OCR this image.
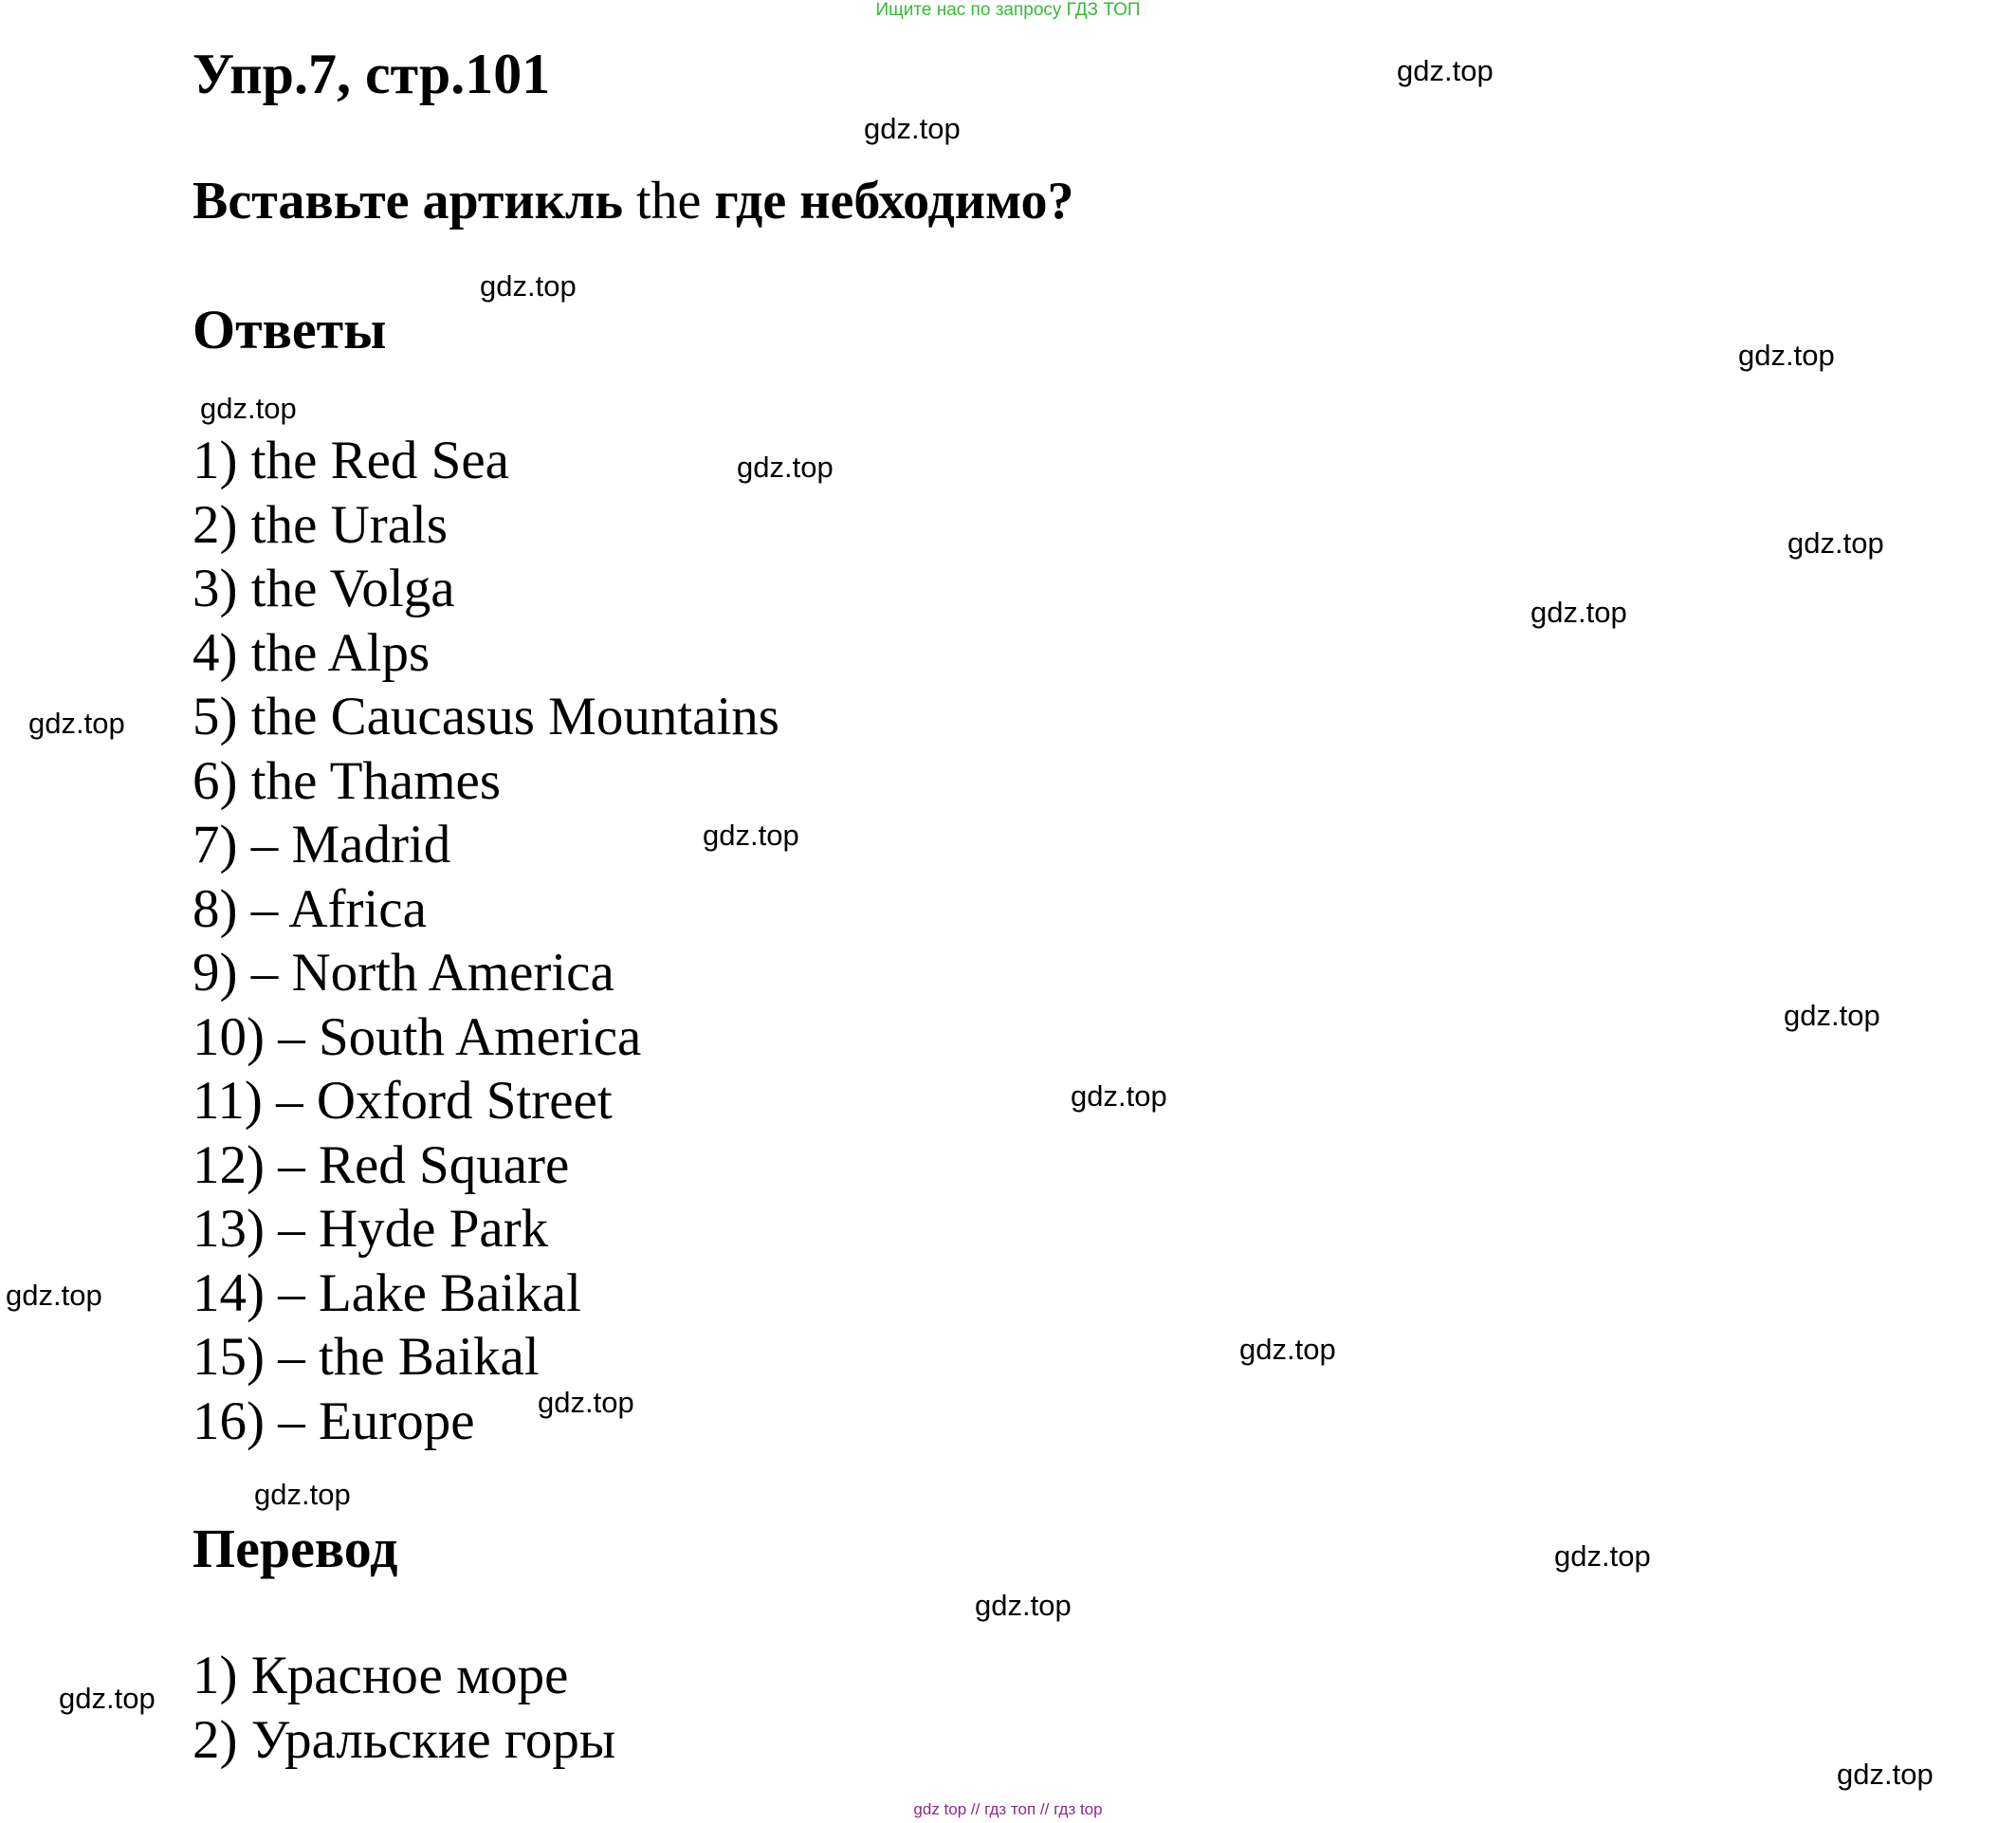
Ищите нас по запросу ГДЗ ТОП
Упр.7, стр.101
Вставьте артикль the где небходимо?
Ответы
1) the Red Sea
2) the Urals
3) the Volga
4) the Alps
5) the Caucasus Mountains
6) the Thames
7) – Madrid
8) – Africa
9) – North America
10) – South America
11) – Oxford Street
12) – Red Square
13) – Hyde Park
14) – Lake Baikal
15) – the Baikal
16) – Europe
Перевод
1) Красное море
2) Уральские горы
gdz.top
gdz.top
gdz.top
gdz.top
gdz.top
gdz.top
gdz.top
gdz.top
gdz.top
gdz.top
gdz.top
gdz.top
gdz.top
gdz.top
gdz.top
gdz.top
gdz.top
gdz.top
gdz.top
gdz.top
gdz top // гдз топ // гдз top
